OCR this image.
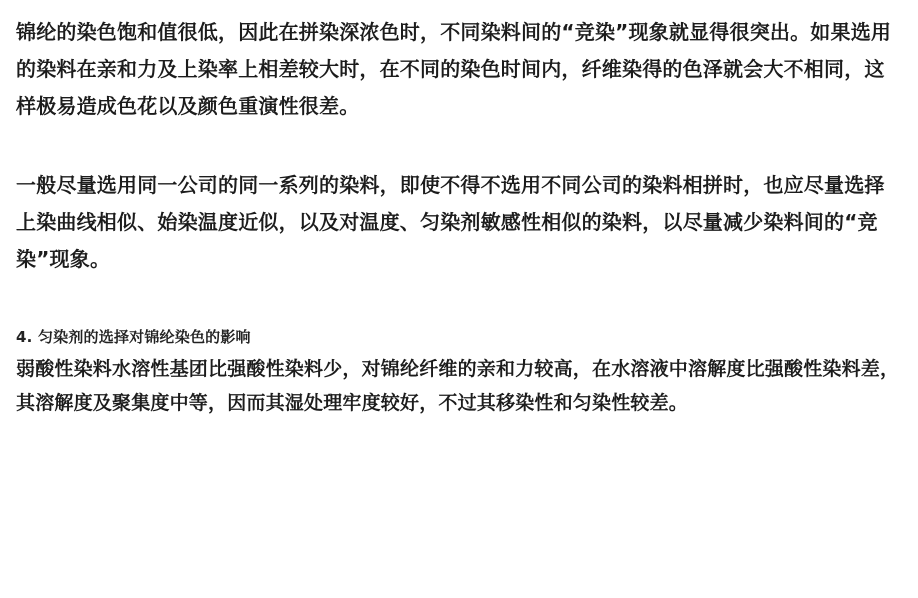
锦纶的染色饱和值很低，因此在拼染深浓色时，不同染料间的“竞染”现象就显得很突出。如果选用的染料在亲和力及上染率上相差较大时，在不同的染色时间内，纤维染得的色泽就会大不相同，这样极易造成色花以及颜色重演性很差。

一般尽量选用同一公司的同一系列的染料，即使不得不选用不同公司的染料相拼时，也应尽量选择上染曲线相似、始染温度近似，以及对温度、匀染剂敏感性相似的染料，以尽量减少染料间的“竞染”现象。

4. 匀染剂的选择对锦纶染色的影响

弱酸性染料水溶性基团比强酸性染料少，对锦纶纤维的亲和力较高，在水溶液中溶解度比强酸性染料差，其溶解度及聚集度中等，因而其湿处理牢度较好，不过其移染性和匀染性较差。
